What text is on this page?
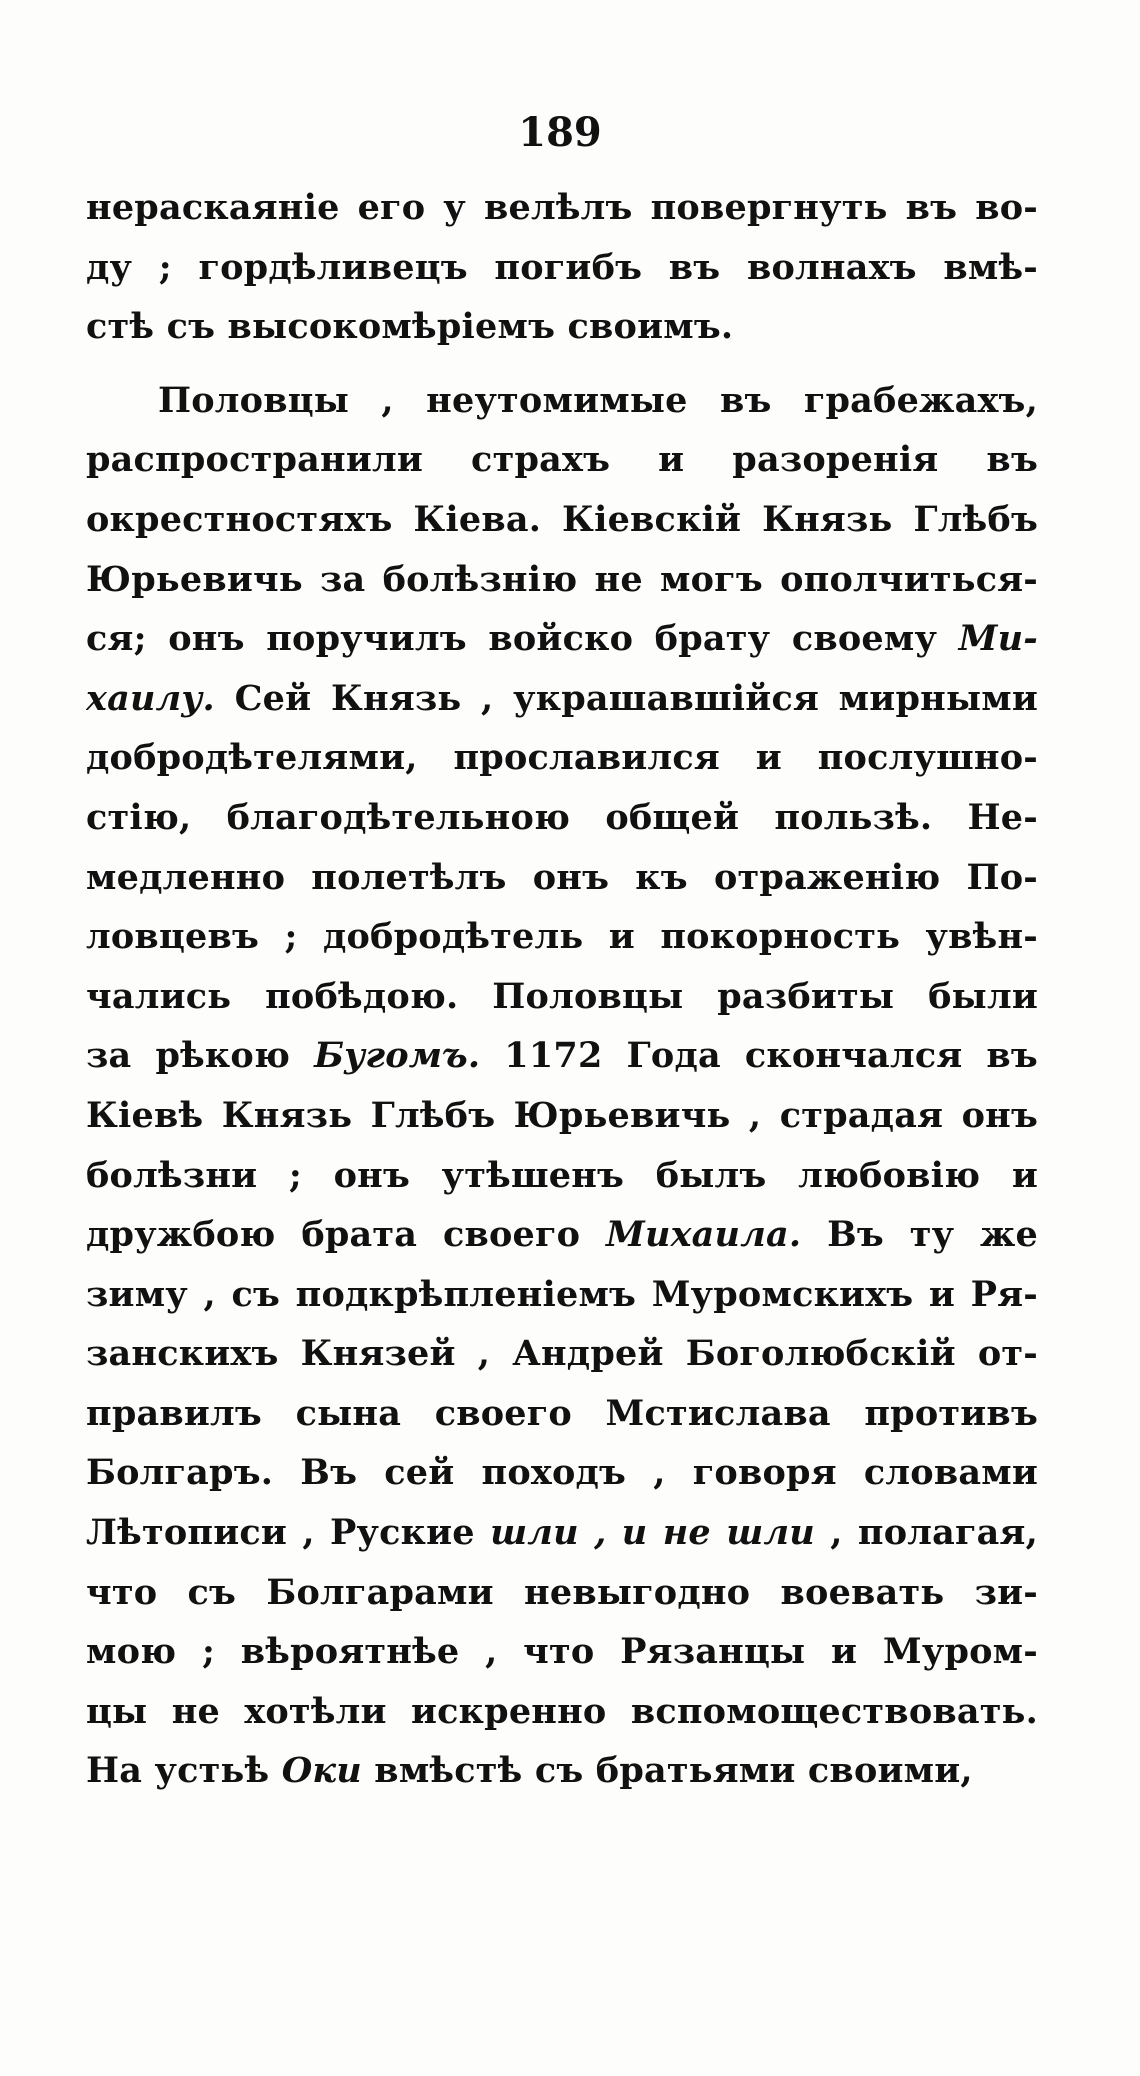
189
нераскаяніе его у велѣлъ повергнуть въ во-
ду ; гордѣливецъ погибъ въ волнахъ вмѣ-
стѣ съ высокомѣріемъ своимъ.
Половцы , неутомимые въ грабежахъ,
распространили страхъ и разоренія въ
окрестностяхъ Кіева. Кіевскій Князь Глѣбъ
Юрьевичь за болѣзнію не могъ ополчиться-
ся; онъ поручилъ войско брату своему Ми-
хаилу. Сей Князь , украшавшійся мирными
добродѣтелями, прославился и послушно-
стію, благодѣтельною общей пользѣ. Не-
медленно полетѣлъ онъ къ отраженію По-
ловцевъ ; добродѣтель и покорность увѣн-
чались побѣдою. Половцы разбиты были
за рѣкою Бугомъ. 1172 Года скончался въ
Кіевѣ Князь Глѣбъ Юрьевичь , страдая онъ
болѣзни ; онъ утѣшенъ былъ любовію и
дружбою брата своего Михаила. Въ ту же
зиму , съ подкрѣпленіемъ Муромскихъ и Ря-
занскихъ Князей , Андрей Боголюбскій от-
правилъ сына своего Мстислава противъ
Болгаръ. Въ сей походъ , говоря словами
Лѣтописи , Руские шли , и не шли , полагая,
что съ Болгарами невыгодно воевать зи-
мою ; вѣроятнѣе , что Рязанцы и Муром-
цы не хотѣли искренно вспомоществовать.
На устьѣ Оки вмѣстѣ съ братьями своими,
